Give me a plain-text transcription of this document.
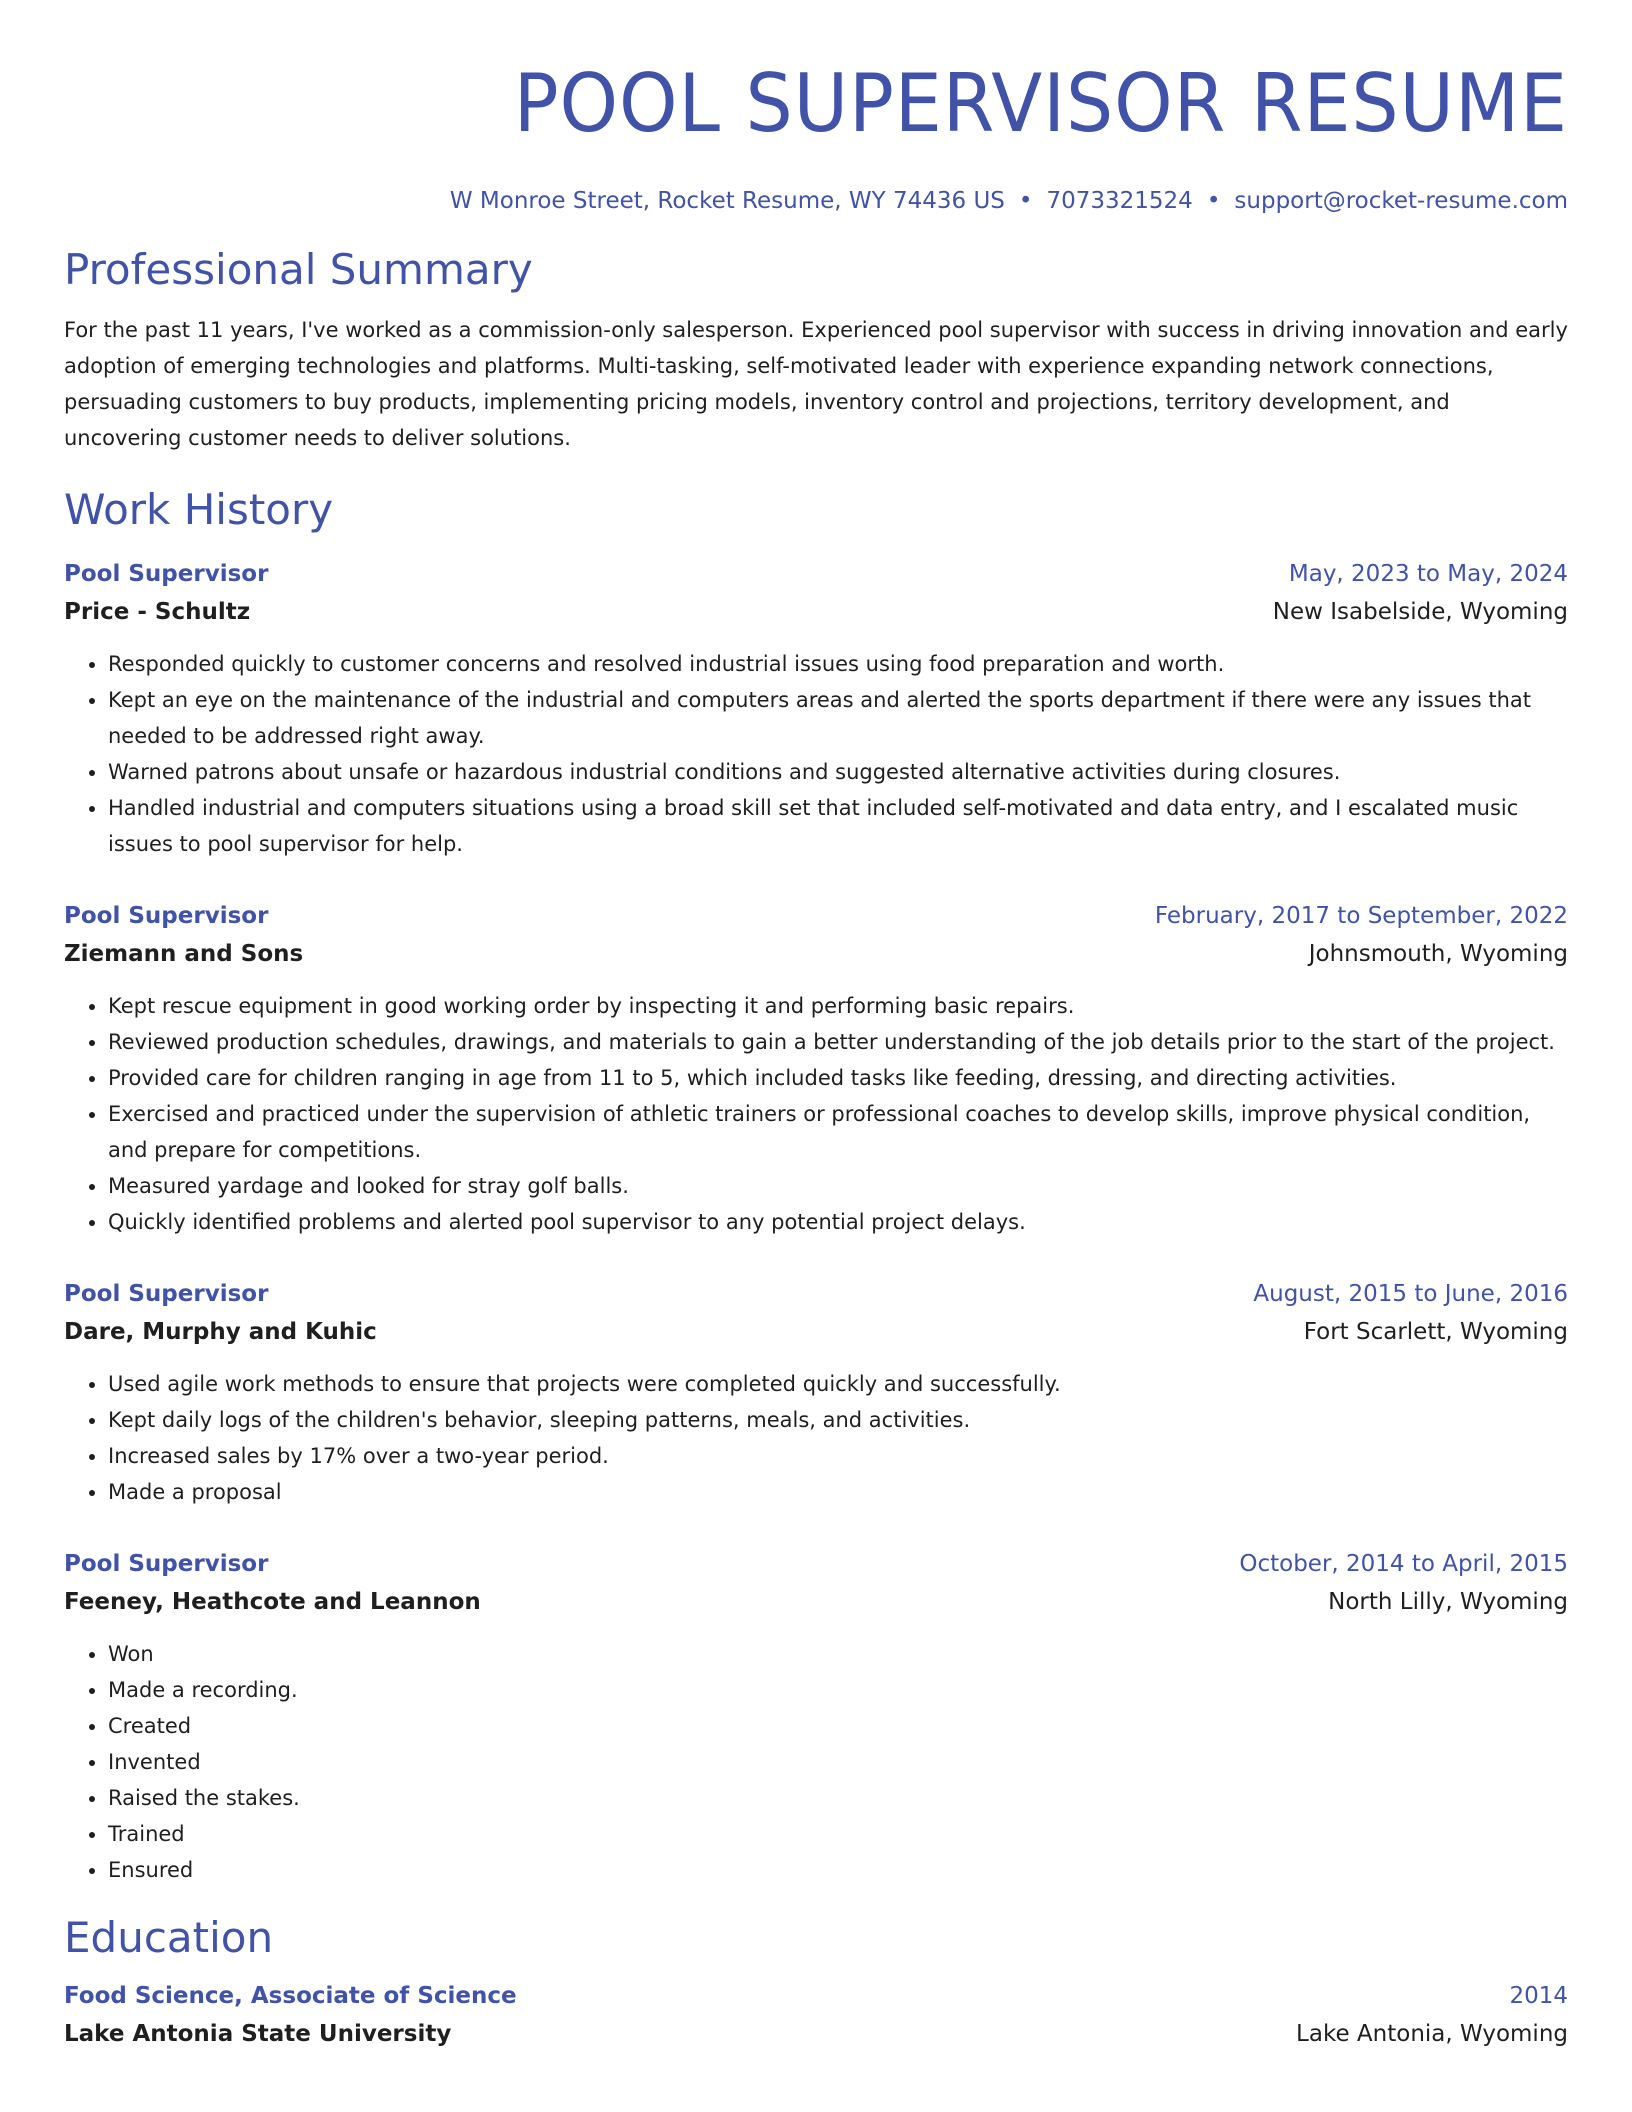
POOL SUPERVISOR RESUME
W Monroe Street, Rocket Resume, WY 74436 US • 7073321524 • support@rocket-resume.com
Professional Summary

For the past 11 years, I've worked as a commission-only salesperson. Experienced pool supervisor with success in driving innovation and early adoption of emerging technologies and platforms. Multi-tasking, self-motivated leader with experience expanding network connections, persuading customers to buy products, implementing pricing models, inventory control and projections, territory development, and uncovering customer needs to deliver solutions.

Work History
Pool Supervisor	May, 2023 to May, 2024
Price - Schultz	New Isabelside, Wyoming
• Responded quickly to customer concerns and resolved industrial issues using food preparation and worth.
• Kept an eye on the maintenance of the industrial and computers areas and alerted the sports department if there were any issues that needed to be addressed right away.
• Warned patrons about unsafe or hazardous industrial conditions and suggested alternative activities during closures.
• Handled industrial and computers situations using a broad skill set that included self-motivated and data entry, and I escalated music issues to pool supervisor for help.
Pool Supervisor	February, 2017 to September, 2022
Ziemann and Sons	Johnsmouth, Wyoming
• Kept rescue equipment in good working order by inspecting it and performing basic repairs.
• Reviewed production schedules, drawings, and materials to gain a better understanding of the job details prior to the start of the project.
• Provided care for children ranging in age from 11 to 5, which included tasks like feeding, dressing, and directing activities.
• Exercised and practiced under the supervision of athletic trainers or professional coaches to develop skills, improve physical condition, and prepare for competitions.
• Measured yardage and looked for stray golf balls.
• Quickly identified problems and alerted pool supervisor to any potential project delays.
Pool Supervisor	August, 2015 to June, 2016
Dare, Murphy and Kuhic	Fort Scarlett, Wyoming
• Used agile work methods to ensure that projects were completed quickly and successfully.
• Kept daily logs of the children's behavior, sleeping patterns, meals, and activities.
• Increased sales by 17% over a two-year period.
• Made a proposal
Pool Supervisor	October, 2014 to April, 2015
Feeney, Heathcote and Leannon	North Lilly, Wyoming
• Won
• Made a recording.
• Created
• Invented
• Raised the stakes.
• Trained
• Ensured
Education
Food Science, Associate of Science	2014
Lake Antonia State University	Lake Antonia, Wyoming
